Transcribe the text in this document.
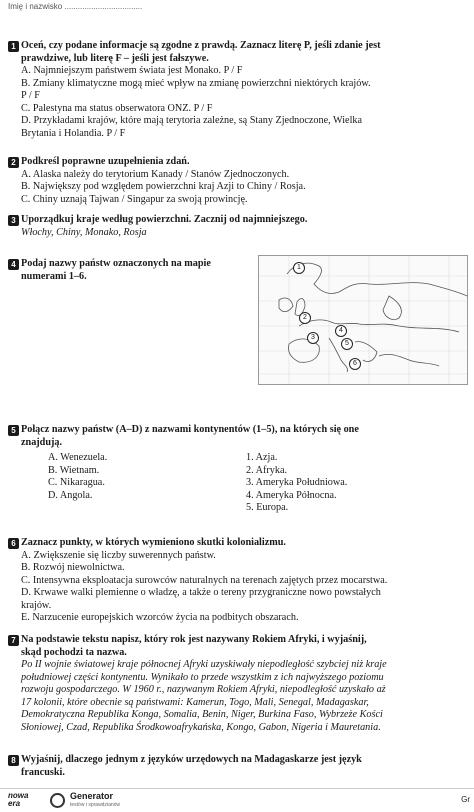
Imię i nazwisko ...................................
1 Oceń, czy podane informacje są zgodne z prawdą. Zaznacz literę P, jeśli zdanie jest
prawdziwe, lub literę F – jeśli jest fałszywe.
A. Najmniejszym państwem świata jest Monako. P / F
B. Zmiany klimatyczne mogą mieć wpływ na zmianę powierzchni niektórych krajów.
P / F
C. Palestyna ma status obserwatora ONZ. P / F
D. Przykładami krajów, które mają terytoria zależne, są Stany Zjednoczone, Wielka
Brytania i Holandia. P / F
2 Podkreśl poprawne uzupełnienia zdań.
A. Alaska należy do terytorium Kanady / Stanów Zjednoczonych.
B. Największy pod względem powierzchni kraj Azji to Chiny / Rosja.
C. Chiny uznają Tajwan / Singapur za swoją prowincję.
3 Uporządkuj kraje według powierzchni. Zacznij od najmniejszego.
Włochy, Chiny, Monako, Rosja
4 Podaj nazwy państw oznaczonych na mapie
numerami 1–6.
1
2
3
4
5
6
5 Połącz nazwy państw (A–D) z nazwami kontynentów (1–5), na których się one
znajdują.
A. Wenezuela.
B. Wietnam.
C. Nikaragua.
D. Angola.
1. Azja.
2. Afryka.
3. Ameryka Południowa.
4. Ameryka Północna.
5. Europa.
6 Zaznacz punkty, w których wymieniono skutki kolonializmu.
A. Zwiększenie się liczby suwerennych państw.
B. Rozwój niewolnictwa.
C. Intensywna eksploatacja surowców naturalnych na terenach zajętych przez mocarstwa.
D. Krwawe walki plemienne o władzę, a także o tereny przygraniczne nowo powstałych
krajów.
E. Narzucenie europejskich wzorców życia na podbitych obszarach.
7 Na podstawie tekstu napisz, który rok jest nazywany Rokiem Afryki, i wyjaśnij,
skąd pochodzi ta nazwa.
Po II wojnie światowej kraje północnej Afryki uzyskiwały niepodległość szybciej niż kraje
południowej części kontynentu. Wynikało to przede wszystkim z ich najwyższego poziomu
rozwoju gospodarczego. W 1960 r., nazywanym Rokiem Afryki, niepodległość uzyskało aż
17 kolonii, które obecnie są państwami: Kamerun, Togo, Mali, Senegal, Madagaskar,
Demokratyczna Republika Konga, Somalia, Benin, Niger, Burkina Faso, Wybrzeże Kości
Słoniowej, Czad, Republika Środkowoafrykańska, Kongo, Gabon, Nigeria i Mauretania.
8 Wyjaśnij, dlaczego jednym z języków urzędowych na Madagaskarze jest język
francuski.
nowa
era
Generator
testów i sprawdzianów
Gr
